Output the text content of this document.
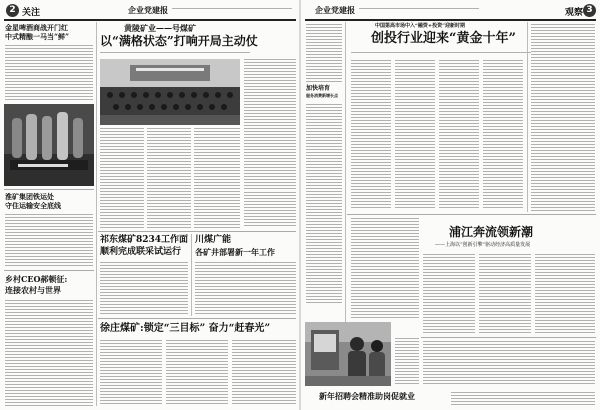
2 关注	企业党建报
金星啤酒商战开门红
中式精酿一马当“鲜”
淮矿集团铁运处
守住运输安全底线
乡村CEO郝顿征:
连接农村与世界
黄陵矿业——号煤矿
以“满格状态”打响开局主动仗
祁东煤矿8234工作面
顺利完成联采试运行
川煤广能
各矿井部署新一年工作
徐庄煤矿:锁定“三目标” 奋力“赶春光”
企业党建报	观察 3
加快培育
服务消费新增长点
中国第高市场中入“融资+投资”迎新时期
创投行业迎来“黄金十年”
浦江奔流领新潮
——上海以“创新引擎”驱动经济高质量发展
新年招聘会精准助岗促就业
